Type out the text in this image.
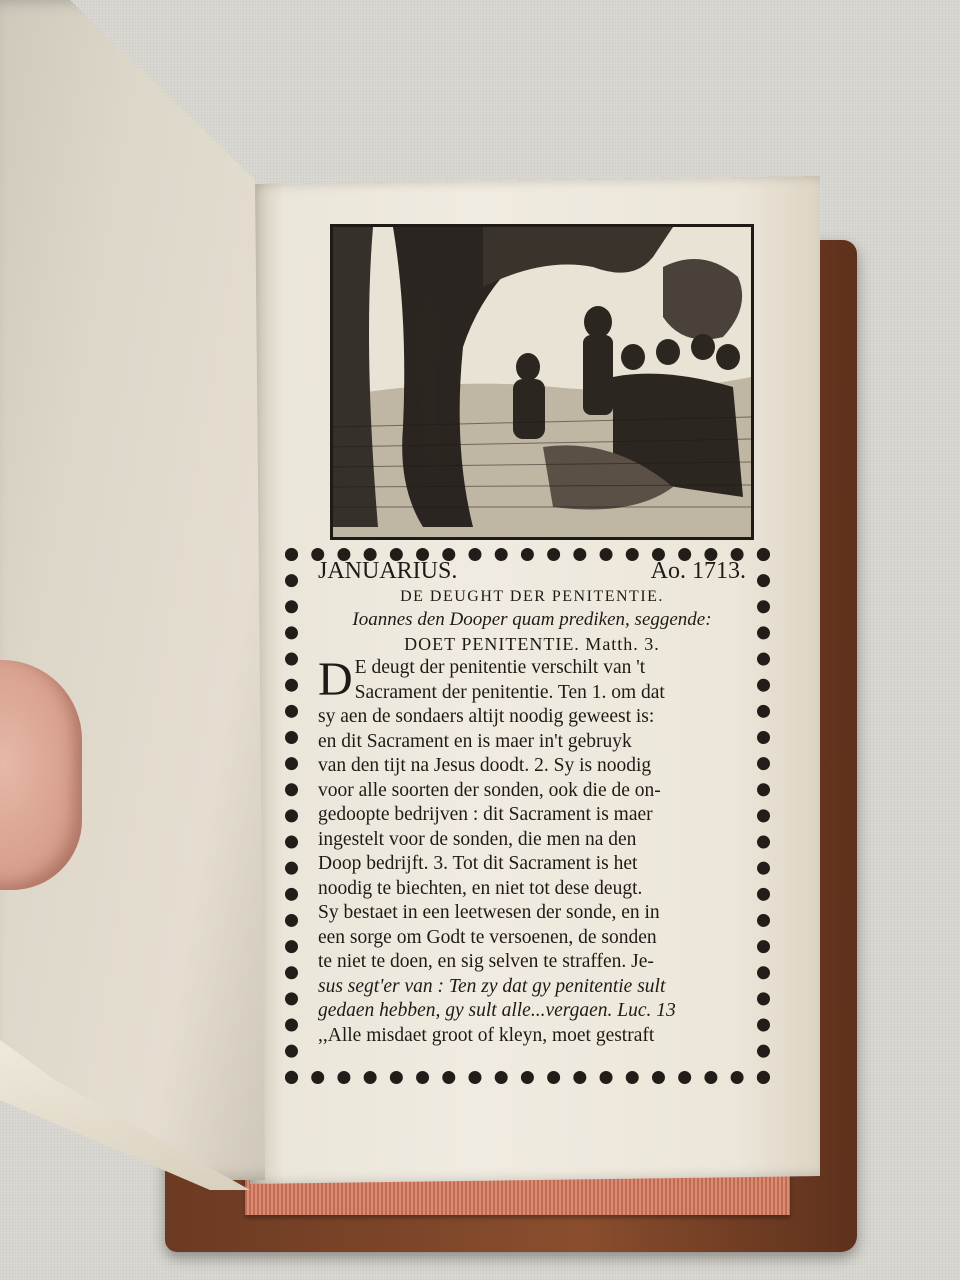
JANUARIUS.	Ao. 1713.
DE DEUGHT DER PENITENTIE.
Ioannes den Dooper quam prediken, seggende:
DOET PENITENTIE. Matth. 3.
D E deugt der penitentie verschilt van 't
Sacrament der penitentie. Ten 1. om dat
sy aen de sondaers altijt noodig geweest is:
en dit Sacrament en is maer in't gebruyk
van den tijt na Jesus doodt. 2. Sy is noodig
voor alle soorten der sonden, ook die de on-
gedoopte bedrijven : dit Sacrament is maer
ingestelt voor de sonden, die men na den
Doop bedrijft. 3. Tot dit Sacrament is het
noodig te biechten, en niet tot dese deugt.
Sy bestaet in een leetwesen der sonde, en in
een sorge om Godt te versoenen, de sonden
te niet te doen, en sig selven te straffen. Je-
sus segt'er van : Ten zy dat gy penitentie sult
gedaen hebben, gy sult alle...vergaen. Luc. 13
,,Alle misdaet groot of kleyn, moet gestraft
